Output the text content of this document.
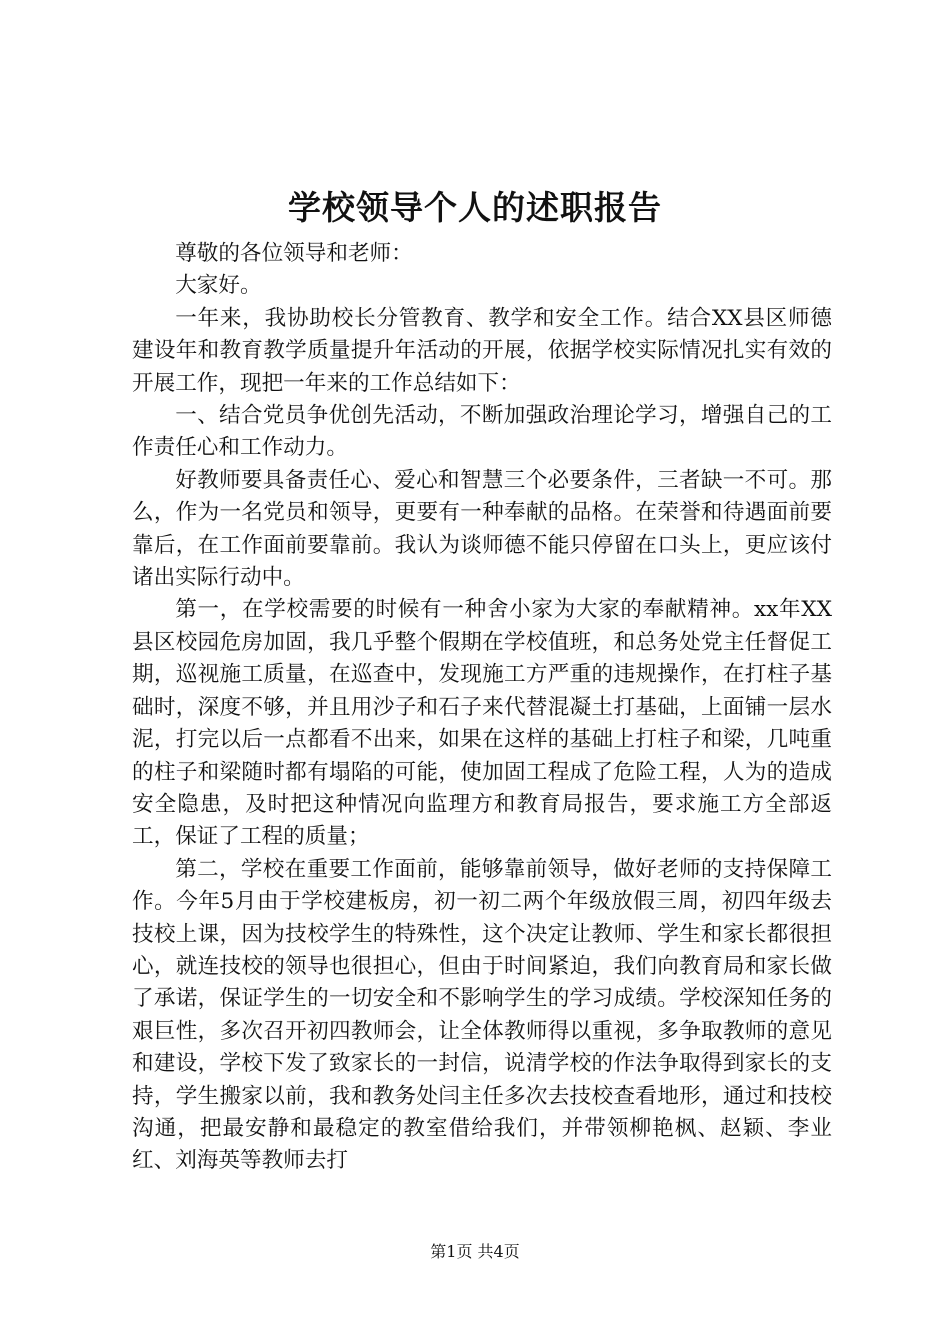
学校领导个人的述职报告

尊敬的各位领导和老师：

大家好。

一年来，我协助校长分管教育、教学和安全工作。结合XX县区师德建设年和教育教学质量提升年活动的开展，依据学校实际情况扎实有效的开展工作，现把一年来的工作总结如下：

一、结合党员争优创先活动，不断加强政治理论学习，增强自己的工作责任心和工作动力。

好教师要具备责任心、爱心和智慧三个必要条件，三者缺一不可。那么，作为一名党员和领导，更要有一种奉献的品格。在荣誉和待遇面前要靠后，在工作面前要靠前。我认为谈师德不能只停留在口头上，更应该付诸出实际行动中。

第一，在学校需要的时候有一种舍小家为大家的奉献精神。xx年XX县区校园危房加固，我几乎整个假期在学校值班，和总务处党主任督促工期，巡视施工质量，在巡查中，发现施工方严重的违规操作，在打柱子基础时，深度不够，并且用沙子和石子来代替混凝土打基础，上面铺一层水泥，打完以后一点都看不出来，如果在这样的基础上打柱子和梁，几吨重的柱子和梁随时都有塌陷的可能，使加固工程成了危险工程，人为的造成安全隐患，及时把这种情况向监理方和教育局报告，要求施工方全部返工，保证了工程的质量；

第二，学校在重要工作面前，能够靠前领导，做好老师的支持保障工作。今年5月由于学校建板房，初一初二两个年级放假三周，初四年级去技校上课，因为技校学生的特殊性，这个决定让教师、学生和家长都很担心，就连技校的领导也很担心，但由于时间紧迫，我们向教育局和家长做了承诺，保证学生的一切安全和不影响学生的学习成绩。学校深知任务的艰巨性，多次召开初四教师会，让全体教师得以重视，多争取教师的意见和建设，学校下发了致家长的一封信，说清学校的作法争取得到家长的支持，学生搬家以前，我和教务处闫主任多次去技校查看地形，通过和技校沟通，把最安静和最稳定的教室借给我们，并带领柳艳枫、赵颖、李业红、刘海英等教师去打

第1页 共4页
